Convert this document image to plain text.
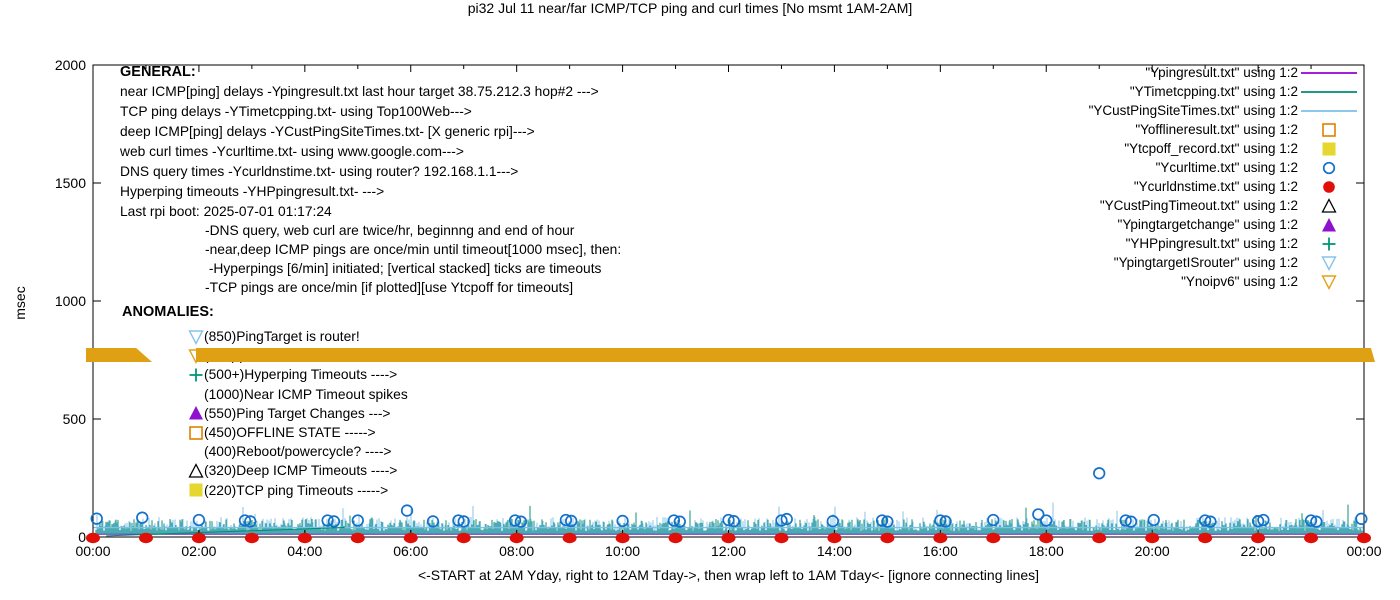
pi32 Jul 11 near/far ICMP/TCP ping and curl times [No msmt 1AM-2AM]
msec
<-START at 2AM Yday, right to 12AM Tday->, then wrap left to 1AM Tday<- [ignore connecting lines]
0
500
1000
1500
2000
00:00	02:00	04:00	06:00	08:00	10:00	12:00	14:00	16:00	18:00	20:00	22:00	00:00
GENERAL:
near ICMP[ping] delays -Ypingresult.txt last hour target 38.75.212.3 hop#2 --->
TCP ping delays -YTimetcpping.txt- using Top100Web--->
deep ICMP[ping] delays -YCustPingSiteTimes.txt- [X generic rpi]--->
web curl times -Ycurltime.txt- using www.google.com--->
DNS query times -Ycurldnstime.txt- using router? 192.168.1.1--->
Hyperping timeouts -YHPpingresult.txt- --->
Last rpi boot: 2025-07-01 01:17:24
-DNS query, web curl are twice/hr, beginnng and end of hour
-near,deep ICMP pings are once/min until timeout[1000 msec], then:
-Hyperpings [6/min] initiated; [vertical stacked] ticks are timeouts
-TCP pings are once/min [if plotted][use Ytcpoff for timeouts]
ANOMALIES:
(850)PingTarget is router!
(500+)Hyperping Timeouts ---->
(1000)Near ICMP Timeout spikes
(550)Ping Target Changes --->
(450)OFFLINE STATE ----->
(400)Reboot/powercycle? ---->
(320)Deep ICMP Timeouts ---->
(220)TCP ping Timeouts ----->
"Ypingresult.txt" using 1:2
"YTimetcpping.txt" using 1:2
"YCustPingSiteTimes.txt" using 1:2
"Yofflineresult.txt" using 1:2
"Ytcpoff_record.txt" using 1:2
"Ycurltime.txt" using 1:2
"Ycurldnstime.txt" using 1:2
"YCustPingTimeout.txt" using 1:2
"Ypingtargetchange" using 1:2
"YHPpingresult.txt" using 1:2
"YpingtargetISrouter" using 1:2
"Ynoipv6" using 1:2
